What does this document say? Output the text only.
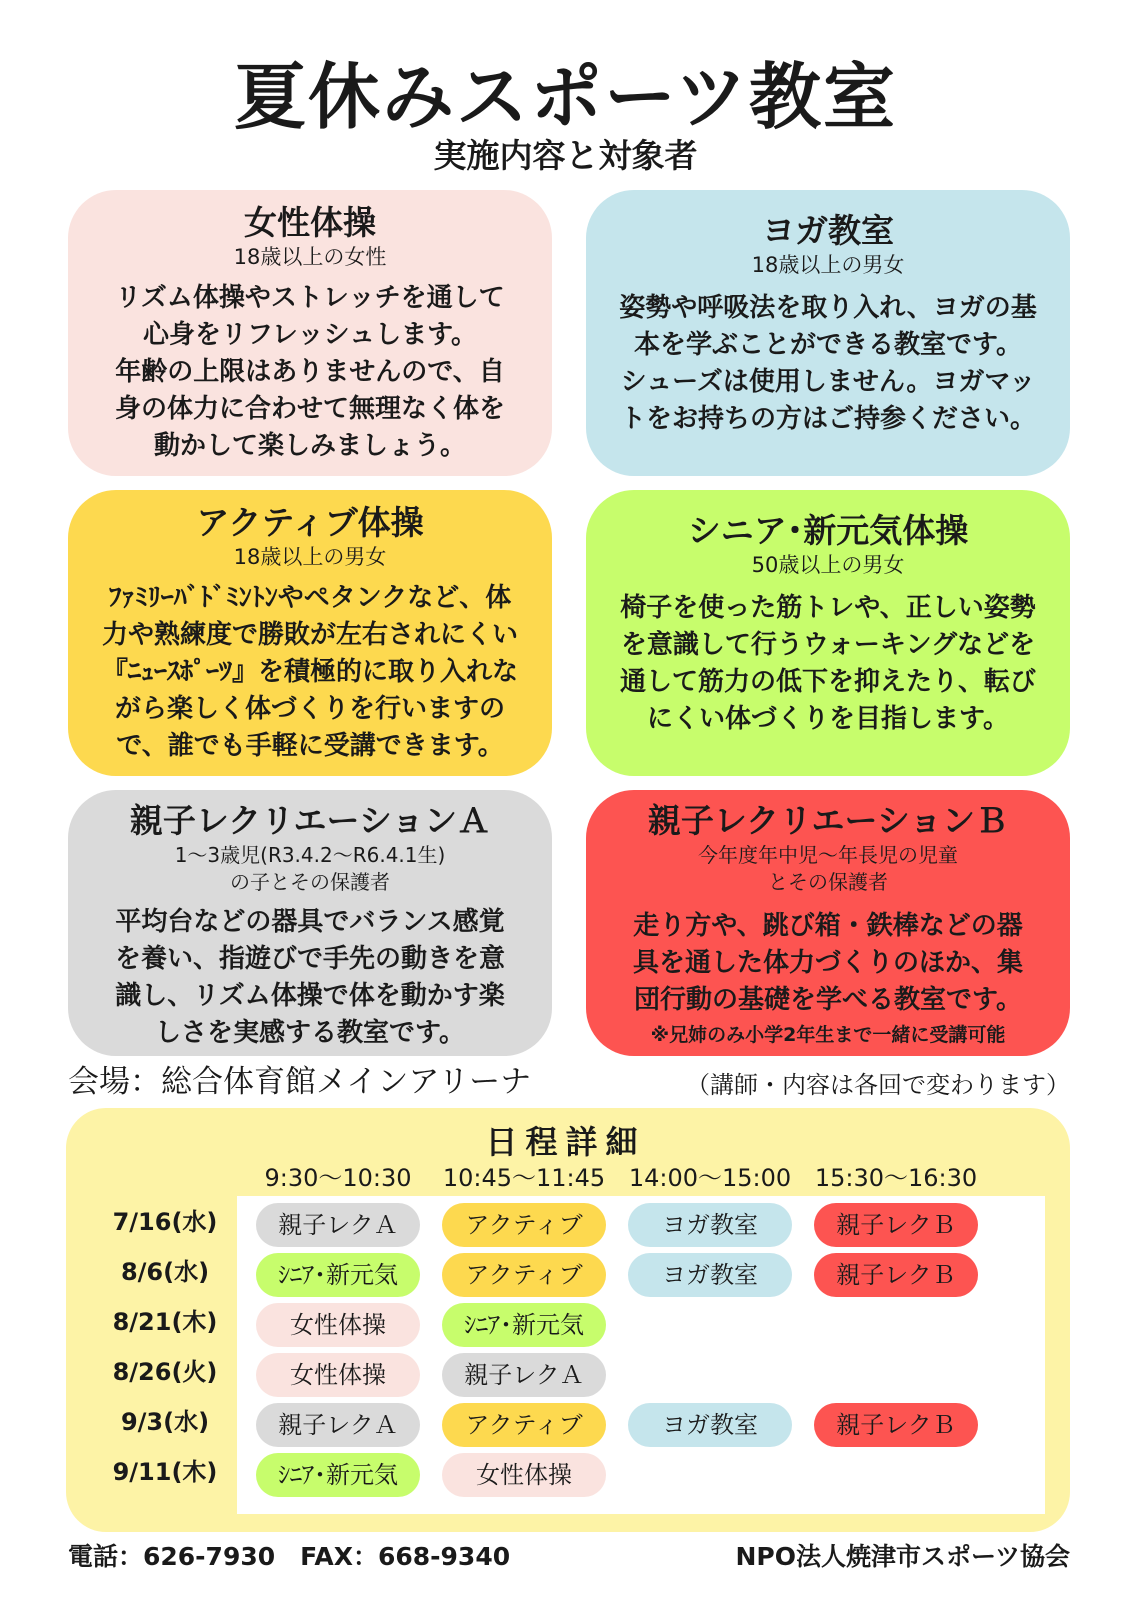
夏休みスポーツ教室
実施内容と対象者
女性体操
18歳以上の女性
リズム体操やストレッチを通して
心身をリフレッシュします。
年齢の上限はありませんので、自
身の体力に合わせて無理なく体を
動かして楽しみましょう。
ヨガ教室
18歳以上の男女
姿勢や呼吸法を取り入れ、ヨガの基
本を学ぶことができる教室です。
シューズは使用しません。ヨガマッ
トをお持ちの方はご持参ください。
アクティブ体操
18歳以上の男女
ﾌｧﾐﾘｰﾊﾞﾄﾞﾐﾝﾄﾝやペタンクなど、体
力や熟練度で勝敗が左右されにくい
『ﾆｭｰｽﾎﾟｰﾂ』を積極的に取り入れな
がら楽しく体づくりを行いますの
で、誰でも手軽に受講できます。
シニア･新元気体操
50歳以上の男女
椅子を使った筋トレや、正しい姿勢
を意識して行うウォーキングなどを
通して筋力の低下を抑えたり、転び
にくい体づくりを目指します。
親子レクリエーションＡ
1～3歳児(R3.4.2～R6.4.1生)
の子とその保護者
平均台などの器具でバランス感覚
を養い、指遊びで手先の動きを意
識し、リズム体操で体を動かす楽
しさを実感する教室です。
親子レクリエーションＢ
今年度年中児～年長児の児童
とその保護者
走り方や、跳び箱・鉄棒などの器
具を通した体力づくりのほか、集
団行動の基礎を学べる教室です。
※兄姉のみ小学2年生まで一緒に受講可能
会場：総合体育館メインアリーナ	（講師・内容は各回で変わります）
日程詳細
9:30～10:30	10:45～11:45 14:00～15:00 15:30～16:30
7/16(水)	親子レクＡ	アクティブ	ヨガ教室	親子レクＢ
8/6(水)	ｼﾆｱ･新元気	アクティブ	ヨガ教室	親子レクＢ
8/21(木)	女性体操	ｼﾆｱ･新元気
8/26(火)	女性体操	親子レクＡ
9/3(水)	親子レクＡ	アクティブ	ヨガ教室	親子レクＢ
9/11(木)	ｼﾆｱ･新元気	女性体操
電話：626-7930　FAX：668-9340	NPO法人焼津市スポーツ協会
